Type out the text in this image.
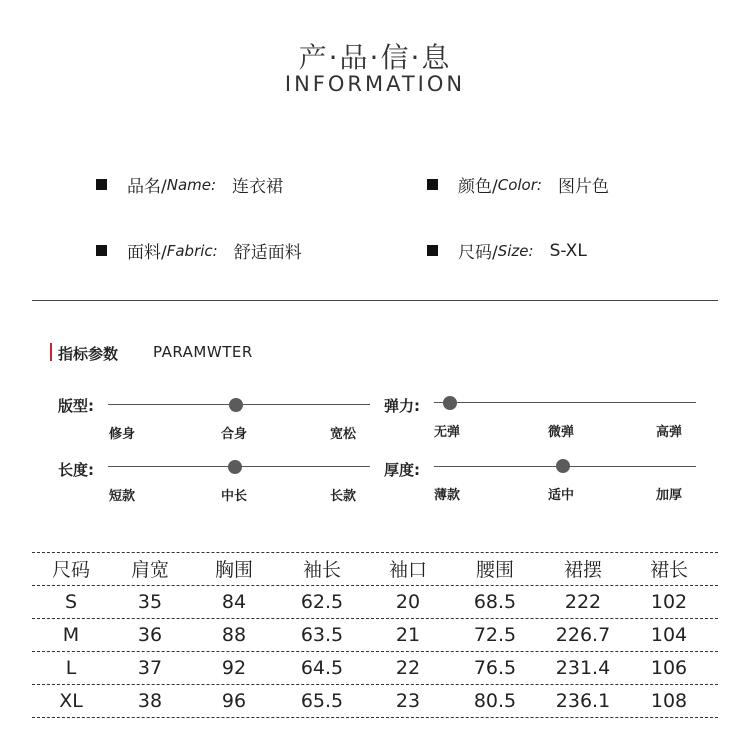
产·品·信·息
INFORMATION
品名/ Name: 连衣裙	颜色/ Color: 图片色
面料/ Fabric: 舒适面料	尺码/ Size: S-XL
指标参数 PARAMWTER
版型:
修身	合身	宽松
弹力:
无弹	微弹	高弹
长度:
短款	中长	长款
厚度:
薄款	适中	加厚
尺码	肩宽	胸围	袖长	袖口	腰围	裙摆	裙长
S	35	84	62.5	20	68.5	222	102
M	36	88	63.5	21	72.5	226.7	104
L	37	92	64.5	22	76.5	231.4	106
XL	38	96	65.5	23	80.5	236.1	108
